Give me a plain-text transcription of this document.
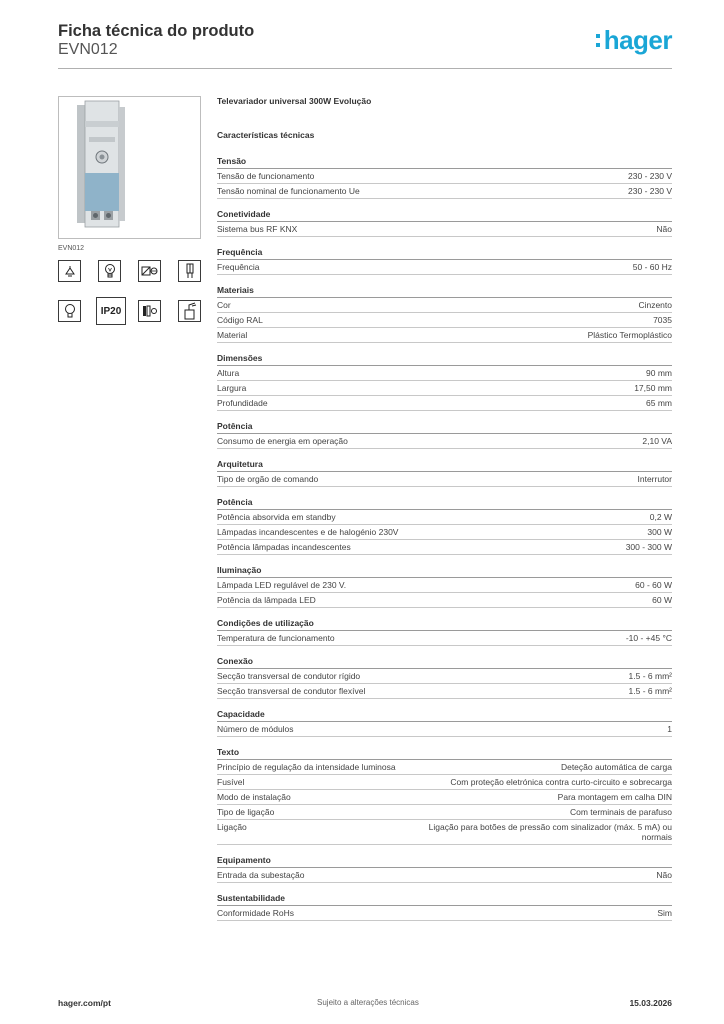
Ficha técnica do produto
EVN012	hager
EVN012
IP20
Televariador universal 300W Evolução
Características técnicas
Tensão
Tensão de funcionamento	230 - 230 V
Tensão nominal de funcionamento Ue	230 - 230 V
Conetividade
Sistema bus RF KNX	Não
Frequência
Frequência	50 - 60 Hz
Materiais
Cor	Cinzento
Código RAL	7035
Material	Plástico Termoplástico
Dimensões
Altura	90 mm
Largura	17,50 mm
Profundidade	65 mm
Potência
Consumo de energia em operação	2,10 VA
Arquitetura
Tipo de orgão de comando	Interrutor
Potência
Potência absorvida em standby	0,2 W
Lâmpadas incandescentes e de halogénio 230V	300 W
Potência lâmpadas incandescentes	300 - 300 W
Iluminação
Lâmpada LED regulável de 230 V.	60 - 60 W
Potência da lâmpada LED	60 W
Condições de utilização
Temperatura de funcionamento	-10 - +45 °C
Conexão
Secção transversal de condutor rígido	1.5 - 6 mm²
Secção transversal de condutor flexível	1.5 - 6 mm²
Capacidade
Número de módulos	1
Texto
Princípio de regulação da intensidade luminosa	Deteção automática de carga
Fusível	Com proteção eletrónica contra curto-circuito e sobrecarga
Modo de instalação	Para montagem em calha DIN
Tipo de ligação	Com terminais de parafuso
Ligação	Ligação para botões de pressão com sinalizador (máx. 5 mA) ou normais
Equipamento
Entrada da subestação	Não
Sustentabilidade
Conformidade RoHs	Sim
hager.com/pt	Sujeito a alterações técnicas	15.03.2026
